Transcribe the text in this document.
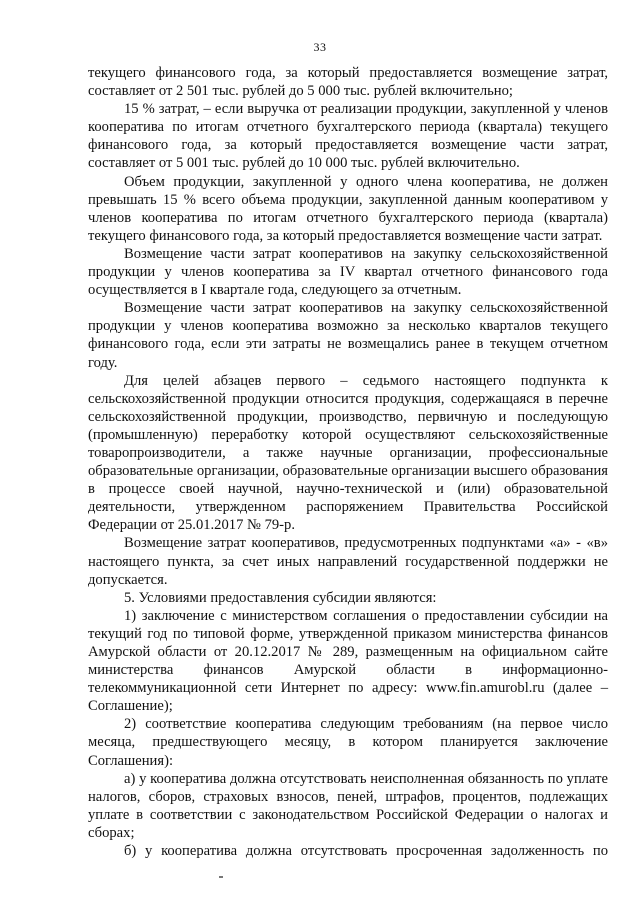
33

текущего финансового года, за который предоставляется возмещение затрат, составляет от 2 501 тыс. рублей до 5 000 тыс. рублей включительно;

15 % затрат, – если выручка от реализации продукции, закупленной у членов кооператива по итогам отчетного бухгалтерского периода (квартала) текущего финансового года, за который предоставляется возмещение части затрат, составляет от 5 001 тыс. рублей до 10 000 тыс. рублей включительно.

Объем продукции, закупленной у одного члена кооператива, не должен превышать 15 % всего объема продукции, закупленной данным кооперативом у членов кооператива по итогам отчетного бухгалтерского периода (квартала) текущего финансового года, за который предоставляется возмещение части затрат.

Возмещение части затрат кооперативов на закупку сельскохозяйственной продукции у членов кооператива за IV квартал отчетного финансового года осуществляется в I квартале года, следующего за отчетным.

Возмещение части затрат кооперативов на закупку сельскохозяйственной продукции у членов кооператива возможно за несколько кварталов текущего финансового года, если эти затраты не возмещались ранее в текущем отчетном году.

Для целей абзацев первого – седьмого настоящего подпункта к сельскохозяйственной продукции относится продукция, содержащаяся в перечне сельскохозяйственной продукции, производство, первичную и последующую (промышленную) переработку которой осуществляют сельскохозяйственные товаропроизводители, а также научные организации, профессиональные образовательные организации, образовательные организации высшего образования в процессе своей научной, научно-технической и (или) образовательной деятельности, утвержденном распоряжением Правительства Российской Федерации от 25.01.2017 № 79-р.

Возмещение затрат кооперативов, предусмотренных подпунктами «а» - «в» настоящего пункта, за счет иных направлений государственной поддержки не допускается.

5. Условиями предоставления субсидии являются:

1) заключение с министерством соглашения о предоставлении субсидии на текущий год по типовой форме, утвержденной приказом министерства финансов Амурской области от 20.12.2017 № 289, размещенным на официальном сайте министерства финансов Амурской области в информационно-телекоммуникационной сети Интернет по адресу: www.fin.amurobl.ru (далее – Соглашение);

2) соответствие кооператива следующим требованиям (на первое число месяца, предшествующего месяцу, в котором планируется заключение Соглашения):

а) у кооператива должна отсутствовать неисполненная обязанность по уплате налогов, сборов, страховых взносов, пеней, штрафов, процентов, подлежащих уплате в соответствии с законодательством Российской Федерации о налогах и сборах;

б) у кооператива должна отсутствовать просроченная задолженность по
